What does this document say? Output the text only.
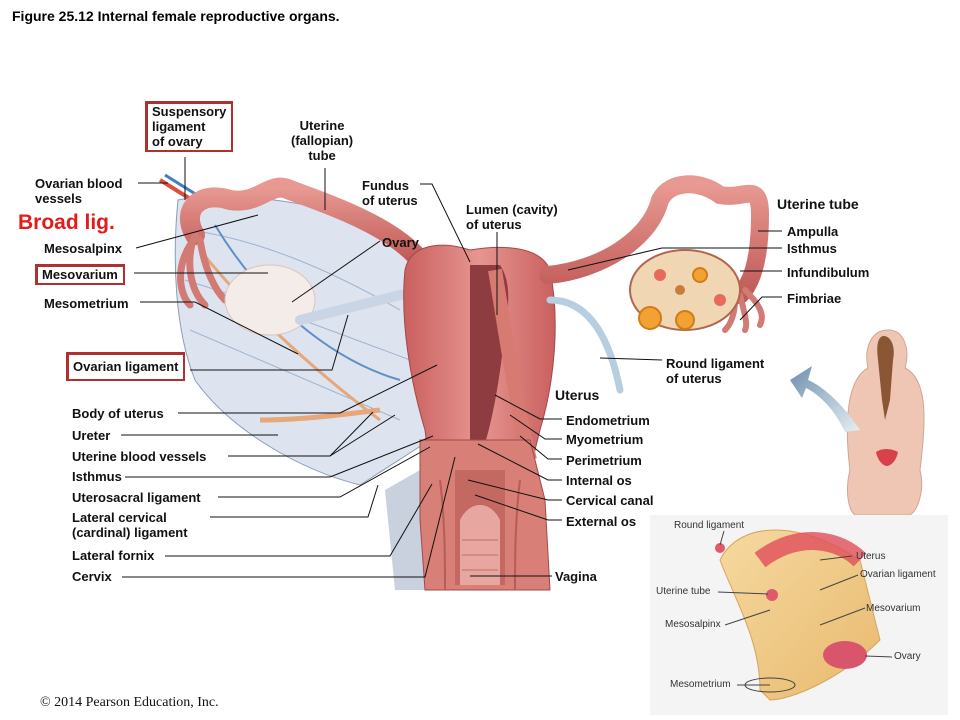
Figure 25.12 Internal female reproductive organs.
Broad lig.
Suspensory
ligament
of ovary
Ovarian blood
vessels
Mesosalpinx
Mesovarium
Mesometrium
Ovarian ligament
Body of uterus
Ureter
Uterine blood vessels
Isthmus
Uterosacral ligament
Lateral cervical
(cardinal) ligament
Lateral fornix
Cervix
Uterine
(fallopian)
tube
Fundus
of uterus
Ovary
Lumen (cavity)
of uterus
Uterine tube
Ampulla
Isthmus
Infundibulum
Fimbriae
Round ligament
of uterus
Uterus
Endometrium
Myometrium
Perimetrium
Internal os
Cervical canal
External os
Vagina
Round ligament
Uterus
Ovarian ligament
Uterine tube
Mesovarium
Mesosalpinx
Ovary
Mesometrium
© 2014 Pearson Education, Inc.
